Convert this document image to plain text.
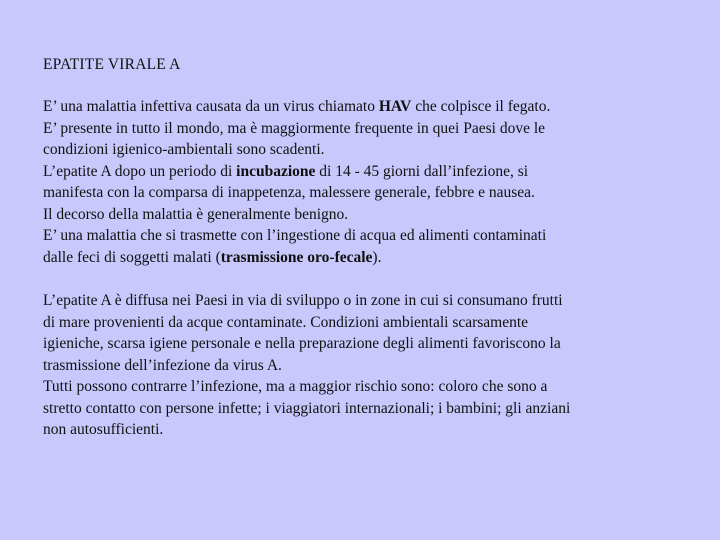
EPATITE VIRALE A
E’ una malattia infettiva causata da un virus chiamato HAV che colpisce il fegato.
E’ presente in tutto il mondo, ma è maggiormente frequente in quei Paesi dove le
condizioni igienico-ambientali sono scadenti.
L’epatite A dopo un periodo di incubazione di 14 - 45 giorni dall’infezione, si
manifesta con la comparsa di inappetenza, malessere generale, febbre e nausea.
Il decorso della malattia è generalmente benigno.
E’ una malattia che si trasmette con l’ingestione di acqua ed alimenti contaminati
dalle feci di soggetti malati (trasmissione oro-fecale).
L’epatite A è diffusa nei Paesi in via di sviluppo o in zone in cui si consumano frutti
di mare provenienti da acque contaminate. Condizioni ambientali scarsamente
igieniche, scarsa igiene personale e nella preparazione degli alimenti favoriscono la
trasmissione dell’infezione da virus A.
Tutti possono contrarre l’infezione, ma a maggior rischio sono: coloro che sono a
stretto contatto con persone infette; i viaggiatori internazionali; i bambini; gli anziani
non autosufficienti.
